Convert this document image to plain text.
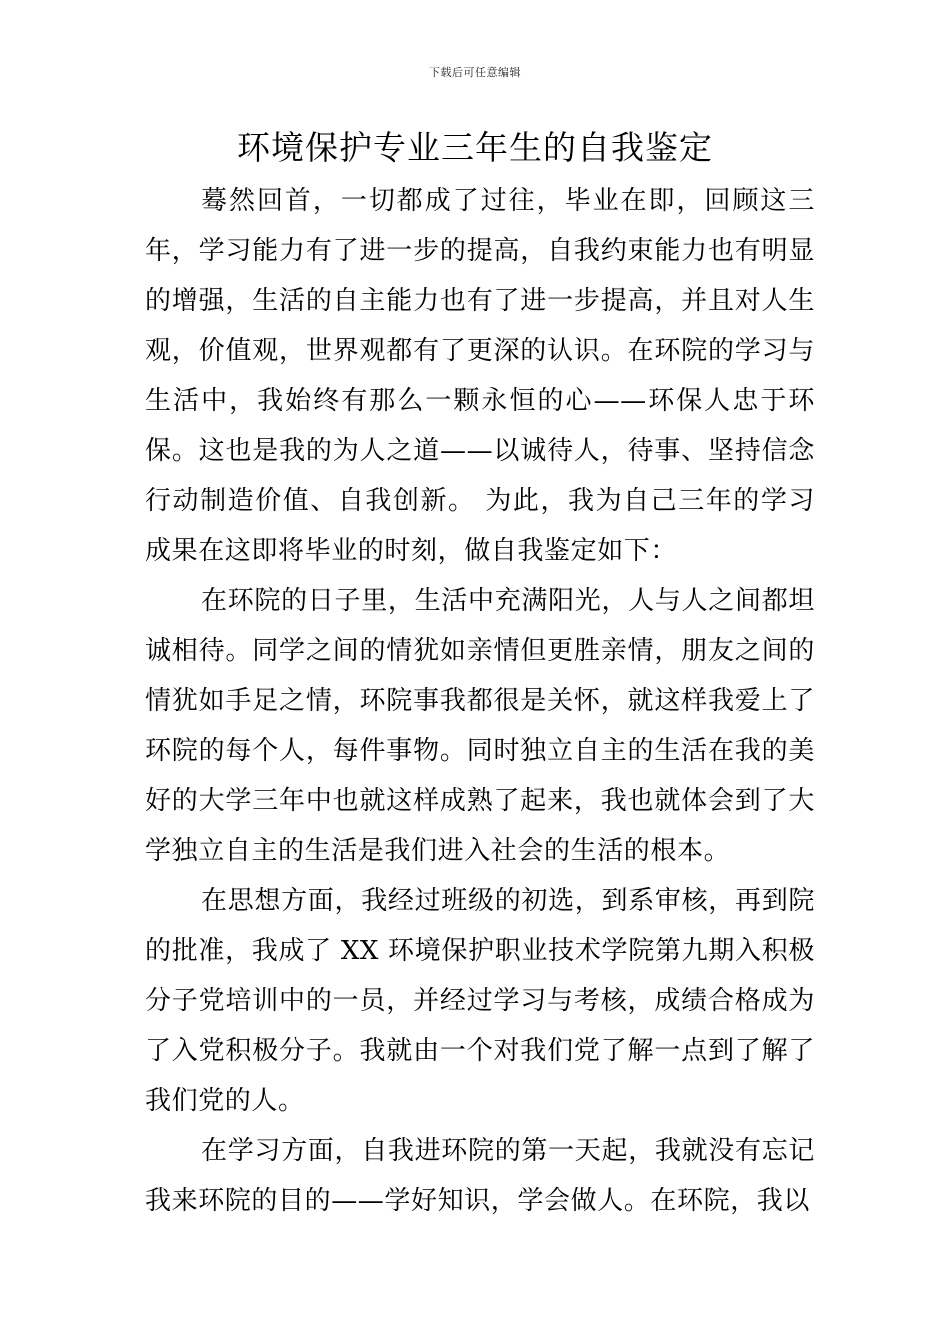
下载后可任意编辑
环境保护专业三年生的自我鉴定

蓦然回首，一切都成了过往，毕业在即，回顾这三年，学习能力有了进一步的提高，自我约束能力也有明显的增强，生活的自主能力也有了进一步提高，并且对人生观，价值观，世界观都有了更深的认识。在环院的学习与生活中，我始终有那么一颗永恒的心——环保人忠于环保。这也是我的为人之道——以诚待人，待事、坚持信念行动制造价值、自我创新。 为此，我为自己三年的学习成果在这即将毕业的时刻，做自我鉴定如下：

在环院的日子里，生活中充满阳光，人与人之间都坦诚相待。同学之间的情犹如亲情但更胜亲情，朋友之间的情犹如手足之情，环院事我都很是关怀，就这样我爱上了环院的每个人，每件事物。同时独立自主的生活在我的美好的大学三年中也就这样成熟了起来，我也就体会到了大学独立自主的生活是我们进入社会的生活的根本。

在思想方面，我经过班级的初选，到系审核，再到院的批准，我成了 XX 环境保护职业技术学院第九期入积极分子党培训中的一员，并经过学习与考核，成绩合格成为了入党积极分子。我就由一个对我们党了解一点到了解了我们党的人。

在学习方面，自我进环院的第一天起，我就没有忘记我来环院的目的——学好知识，学会做人。在环院，我以
